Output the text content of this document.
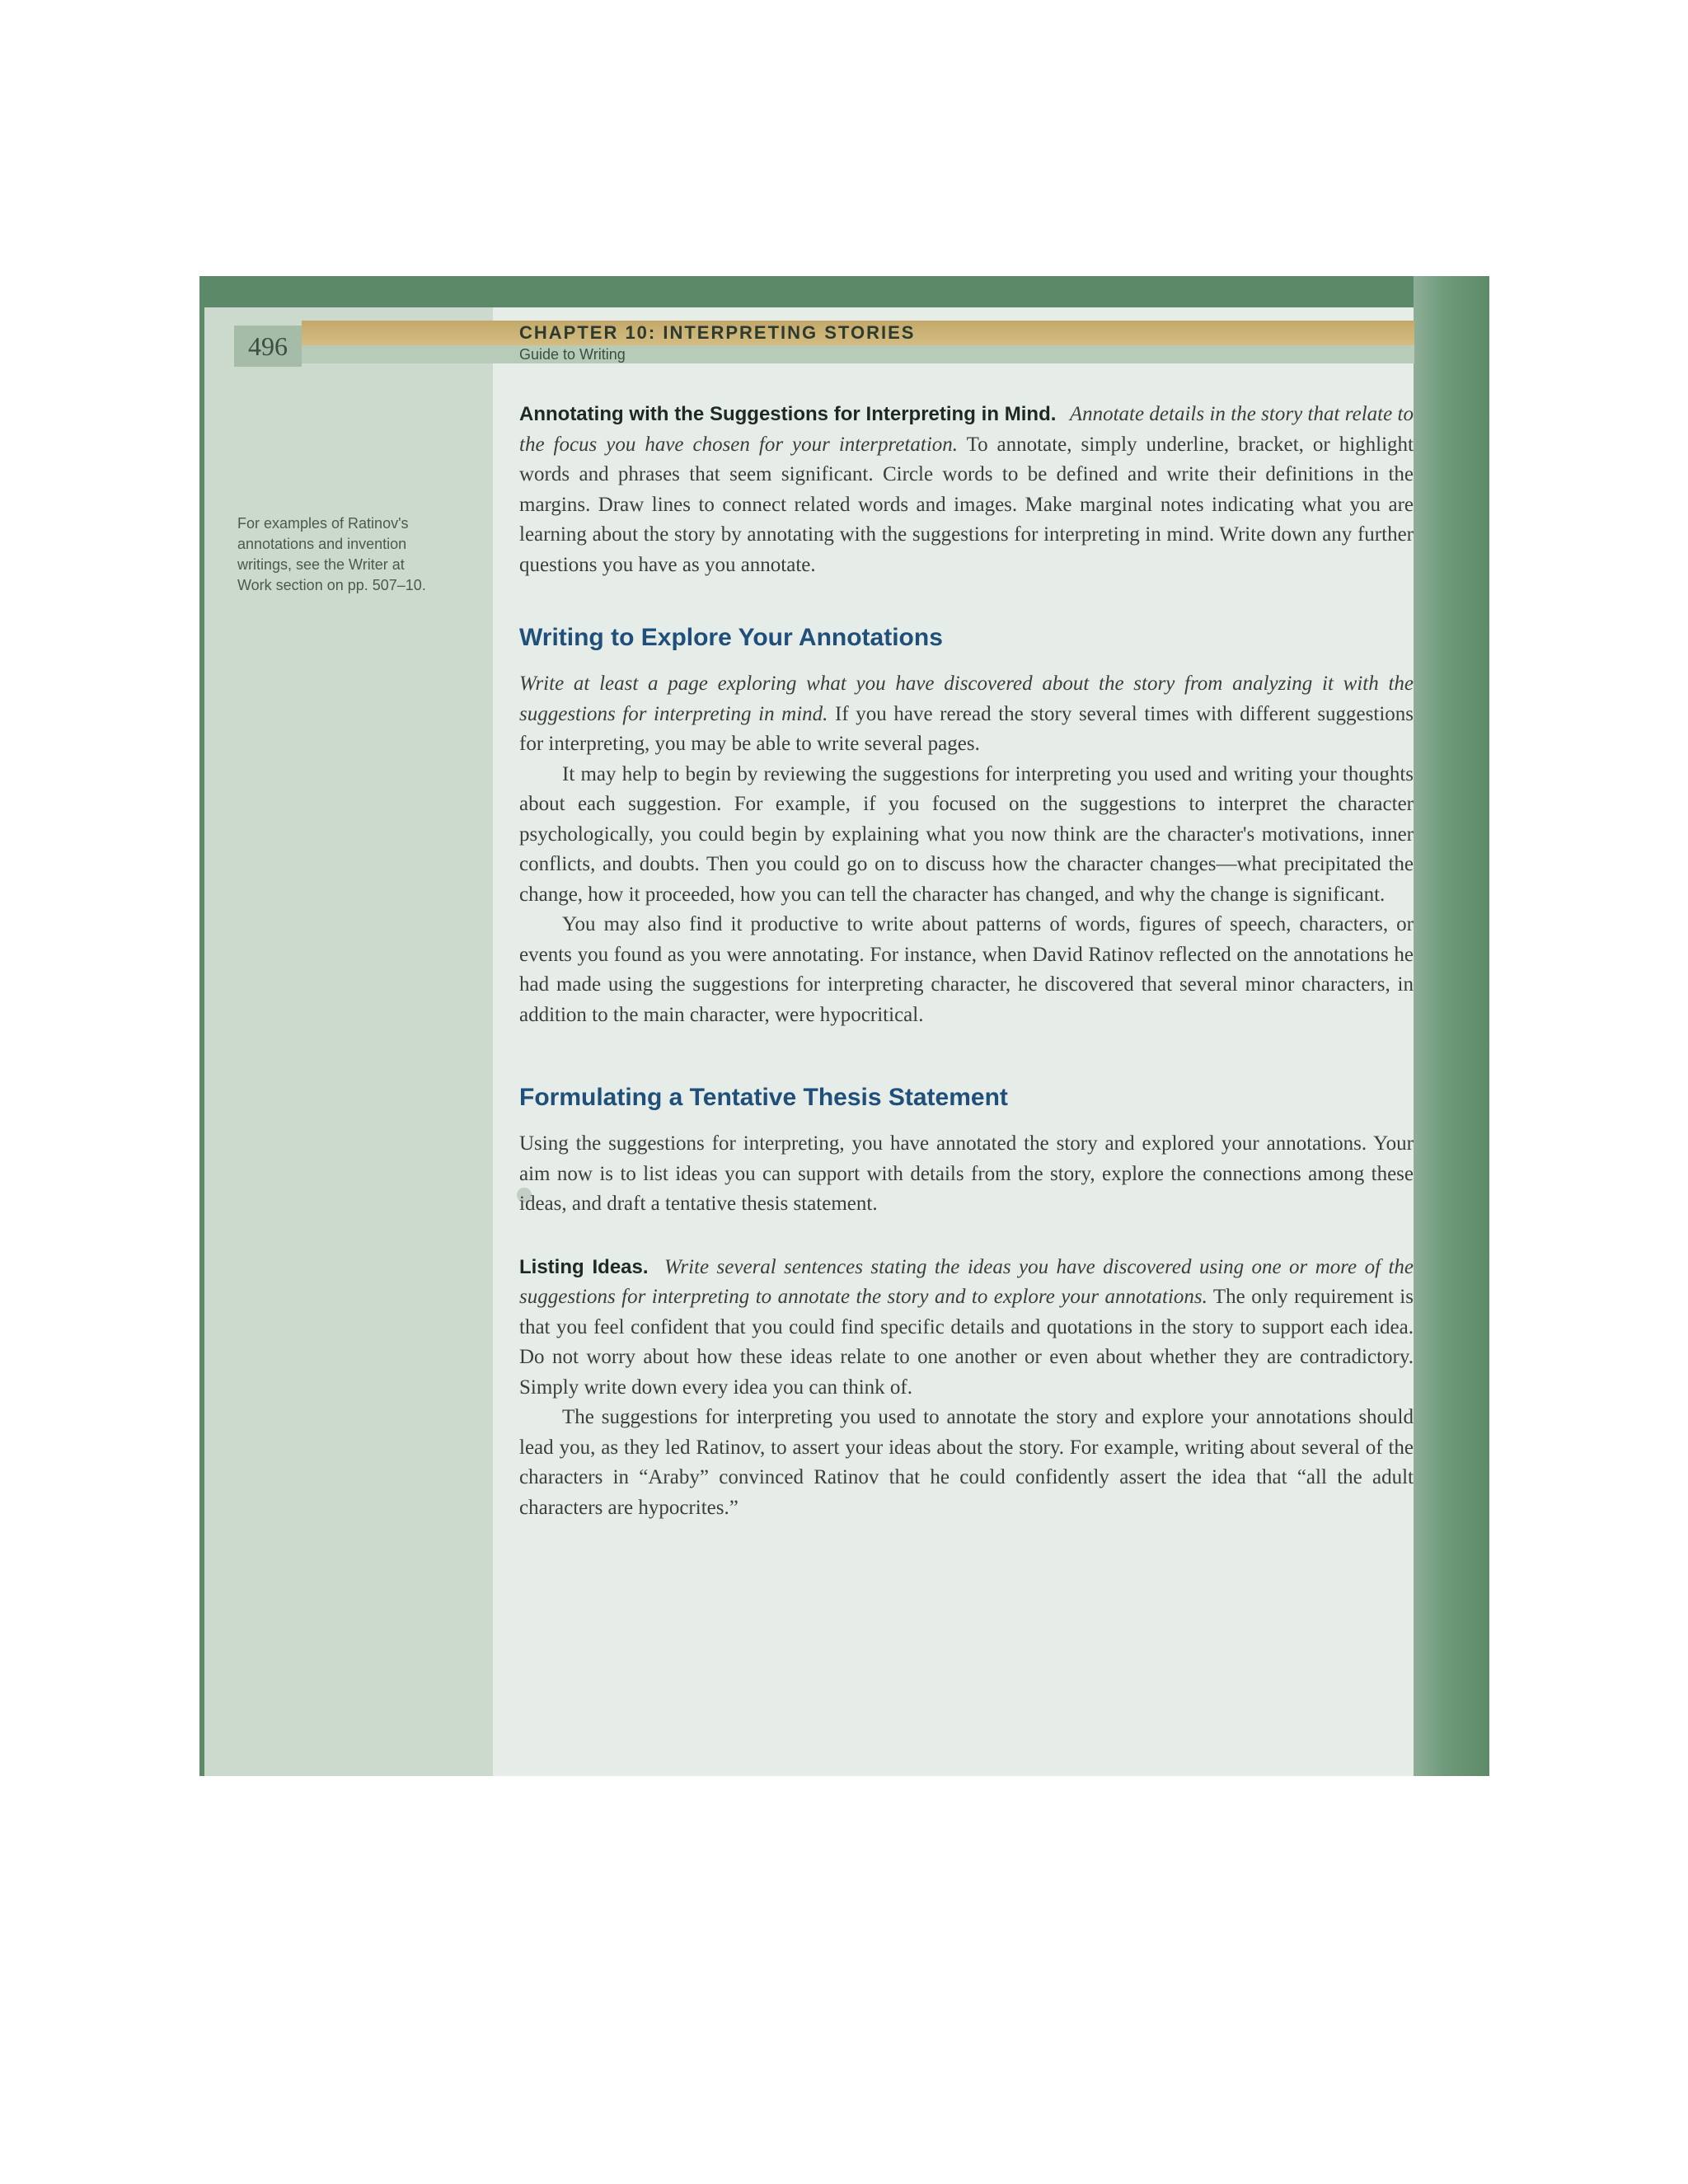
For examples of Ratinov's annotations and invention writings, see the Writer at Work section on pp. 507–10.

496	CHAPTER 10: INTERPRETING STORIES
Guide to Writing

Annotating with the Suggestions for Interpreting in Mind. Annotate details in the story that relate to the focus you have chosen for your interpretation. To annotate, simply underline, bracket, or highlight words and phrases that seem significant. Circle words to be defined and write their definitions in the margins. Draw lines to connect related words and images. Make marginal notes indicating what you are learning about the story by annotating with the suggestions for interpreting in mind. Write down any further questions you have as you annotate.

Writing to Explore Your Annotations

Write at least a page exploring what you have discovered about the story from analyzing it with the suggestions for interpreting in mind. If you have reread the story several times with different suggestions for interpreting, you may be able to write several pages.

It may help to begin by reviewing the suggestions for interpreting you used and writing your thoughts about each suggestion. For example, if you focused on the suggestions to interpret the character psychologically, you could begin by explaining what you now think are the character's motivations, inner conflicts, and doubts. Then you could go on to discuss how the character changes—what precipitated the change, how it proceeded, how you can tell the character has changed, and why the change is significant.

You may also find it productive to write about patterns of words, figures of speech, characters, or events you found as you were annotating. For instance, when David Ratinov reflected on the annotations he had made using the suggestions for interpreting character, he discovered that several minor characters, in addition to the main character, were hypocritical.

Formulating a Tentative Thesis Statement

Using the suggestions for interpreting, you have annotated the story and explored your annotations. Your aim now is to list ideas you can support with details from the story, explore the connections among these ideas, and draft a tentative thesis statement.

Listing Ideas. Write several sentences stating the ideas you have discovered using one or more of the suggestions for interpreting to annotate the story and to explore your annotations. The only requirement is that you feel confident that you could find specific details and quotations in the story to support each idea. Do not worry about how these ideas relate to one another or even about whether they are contradictory. Simply write down every idea you can think of.

The suggestions for interpreting you used to annotate the story and explore your annotations should lead you, as they led Ratinov, to assert your ideas about the story. For example, writing about several of the characters in “Araby” convinced Ratinov that he could confidently assert the idea that “all the adult characters are hypocrites.”
